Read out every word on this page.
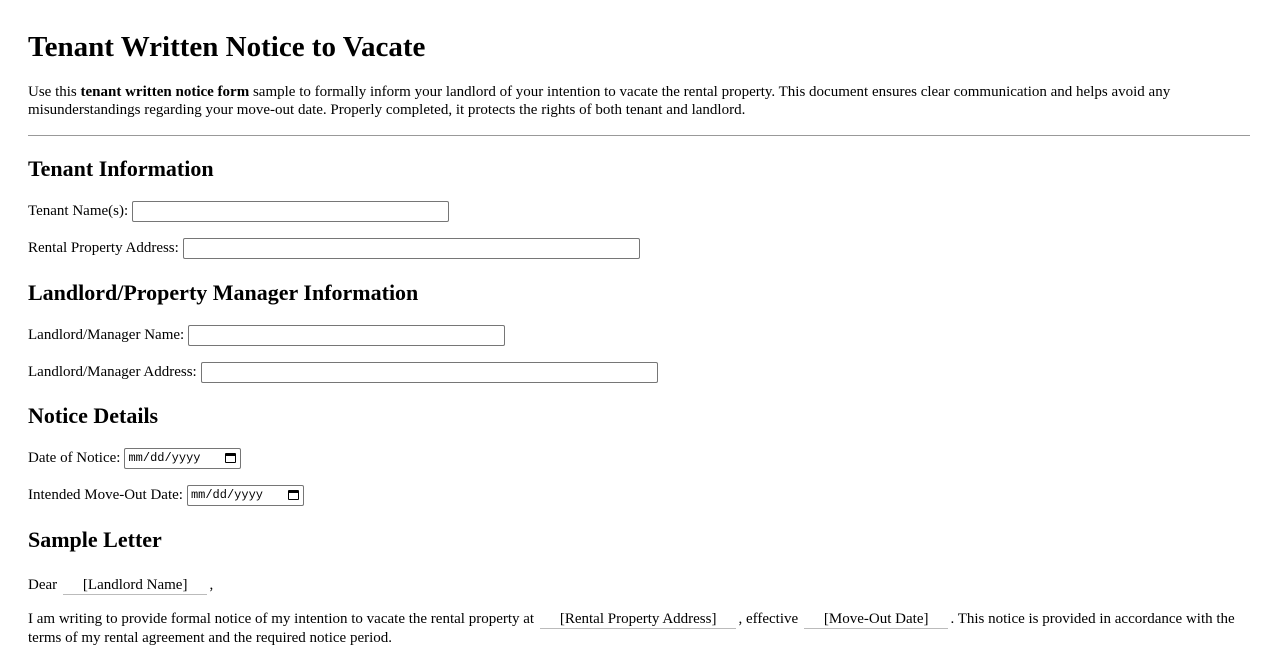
Tenant Written Notice to Vacate

Use this tenant written notice form sample to formally inform your landlord of your intention to vacate the rental property. This document ensures clear communication and helps avoid any misunderstandings regarding your move-out date. Properly completed, it protects the rights of both tenant and landlord.

Tenant Information
Tenant Name(s):
Rental Property Address:
Landlord/Property Manager Information
Landlord/Manager Name:
Landlord/Manager Address:
Notice Details
Date of Notice: mm/dd/yyyy
Intended Move-Out Date: mm/dd/yyyy
Sample Letter

Dear [Landlord Name] ,

I am writing to provide formal notice of my intention to vacate the rental property at [Rental Property Address] , effective [Move-Out Date] . This notice is provided in accordance with the terms of my rental agreement and the required notice period.
